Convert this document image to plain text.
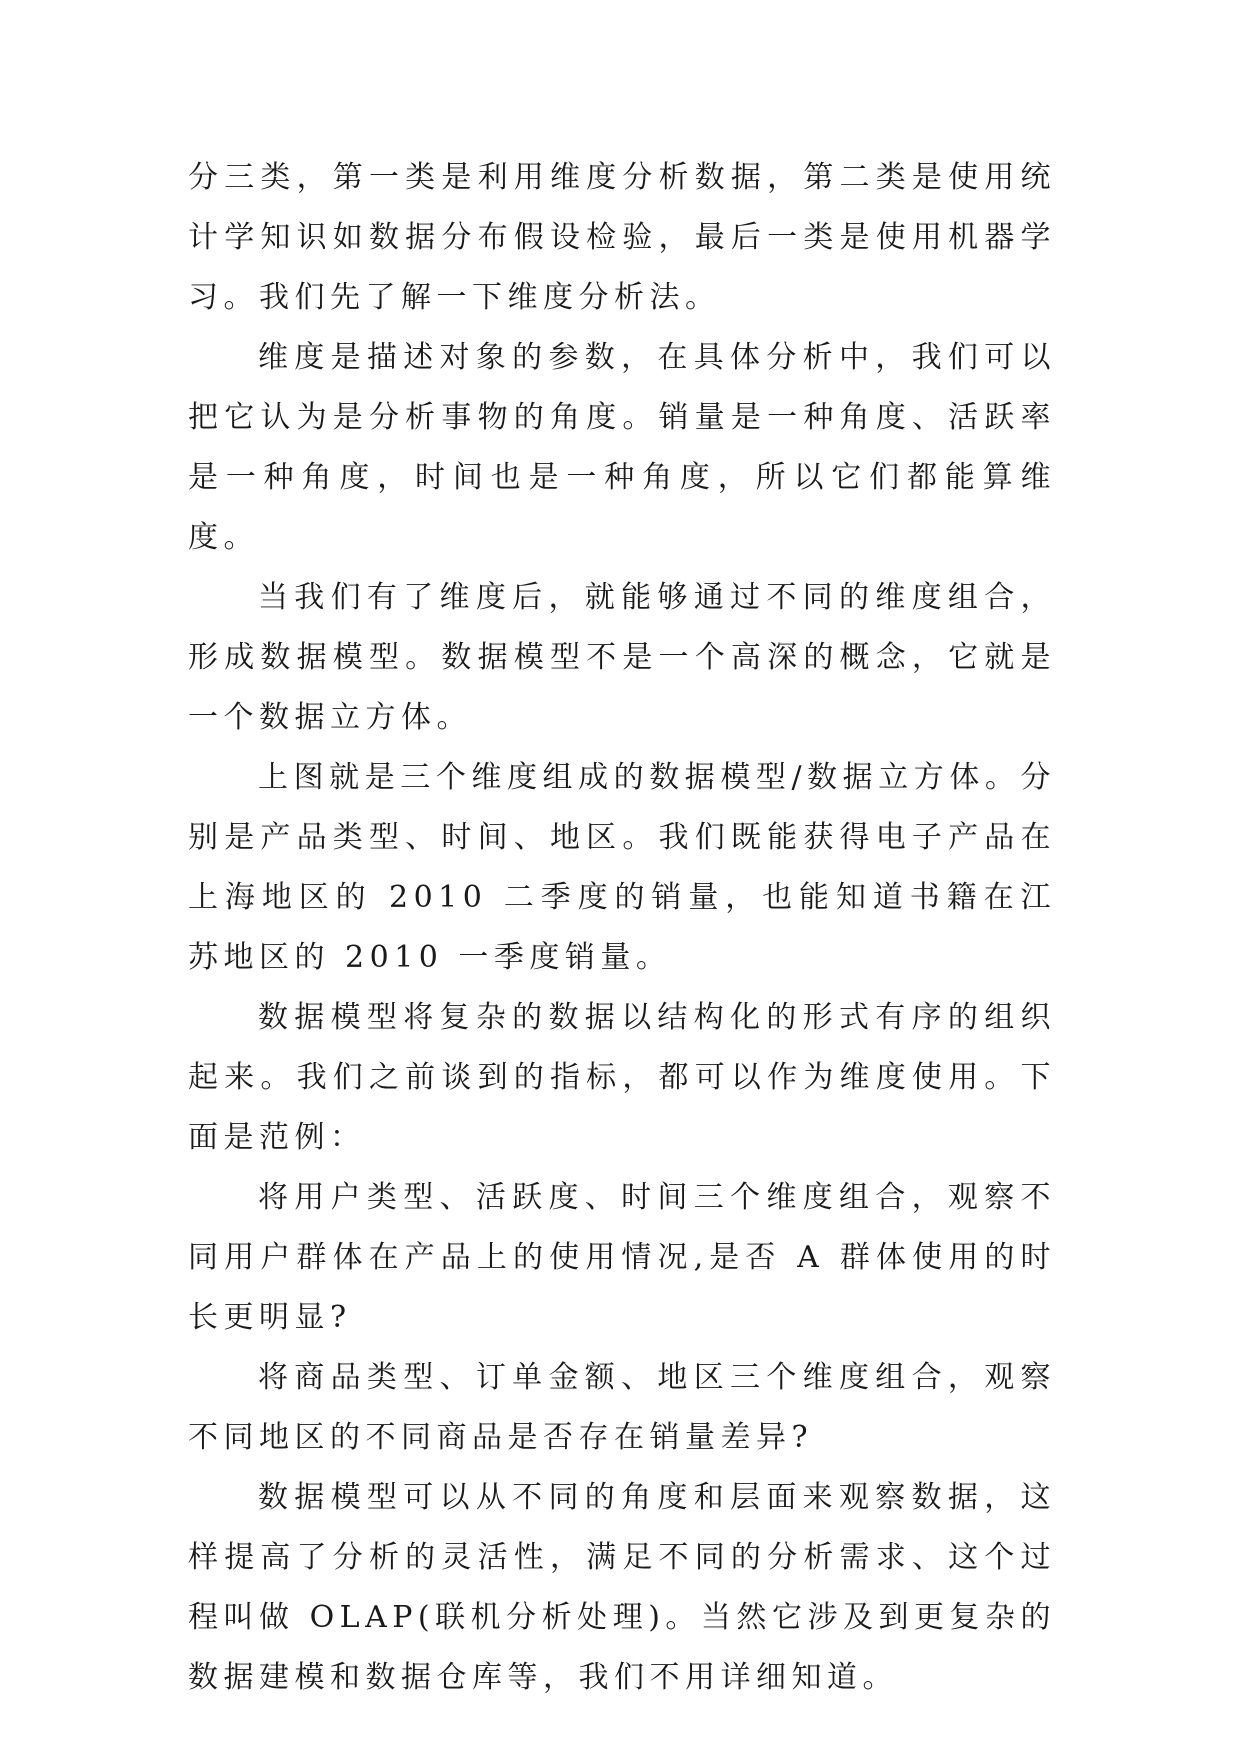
分三类，第一类是利用维度分析数据，第二类是使用统计学知识如数据分布假设检验，最后一类是使用机器学习。我们先了解一下维度分析法。

维度是描述对象的参数，在具体分析中，我们可以把它认为是分析事物的角度。销量是一种角度、活跃率是一种角度，时间也是一种角度，所以它们都能算维度。

当我们有了维度后，就能够通过不同的维度组合，形成数据模型。数据模型不是一个高深的概念，它就是一个数据立方体。

上图就是三个维度组成的数据模型/数据立方体。分别是产品类型、时间、地区。我们既能获得电子产品在上海地区的 2010 二季度的销量，也能知道书籍在江苏地区的 2010 一季度销量。

数据模型将复杂的数据以结构化的形式有序的组织起来。我们之前谈到的指标，都可以作为维度使用。下面是范例：

将用户类型、活跃度、时间三个维度组合，观察不同用户群体在产品上的使用情况,是否 A 群体使用的时长更明显?

将商品类型、订单金额、地区三个维度组合，观察不同地区的不同商品是否存在销量差异?

数据模型可以从不同的角度和层面来观察数据，这样提高了分析的灵活性，满足不同的分析需求、这个过程叫做 OLAP(联机分析处理)。当然它涉及到更复杂的数据建模和数据仓库等，我们不用详细知道。
